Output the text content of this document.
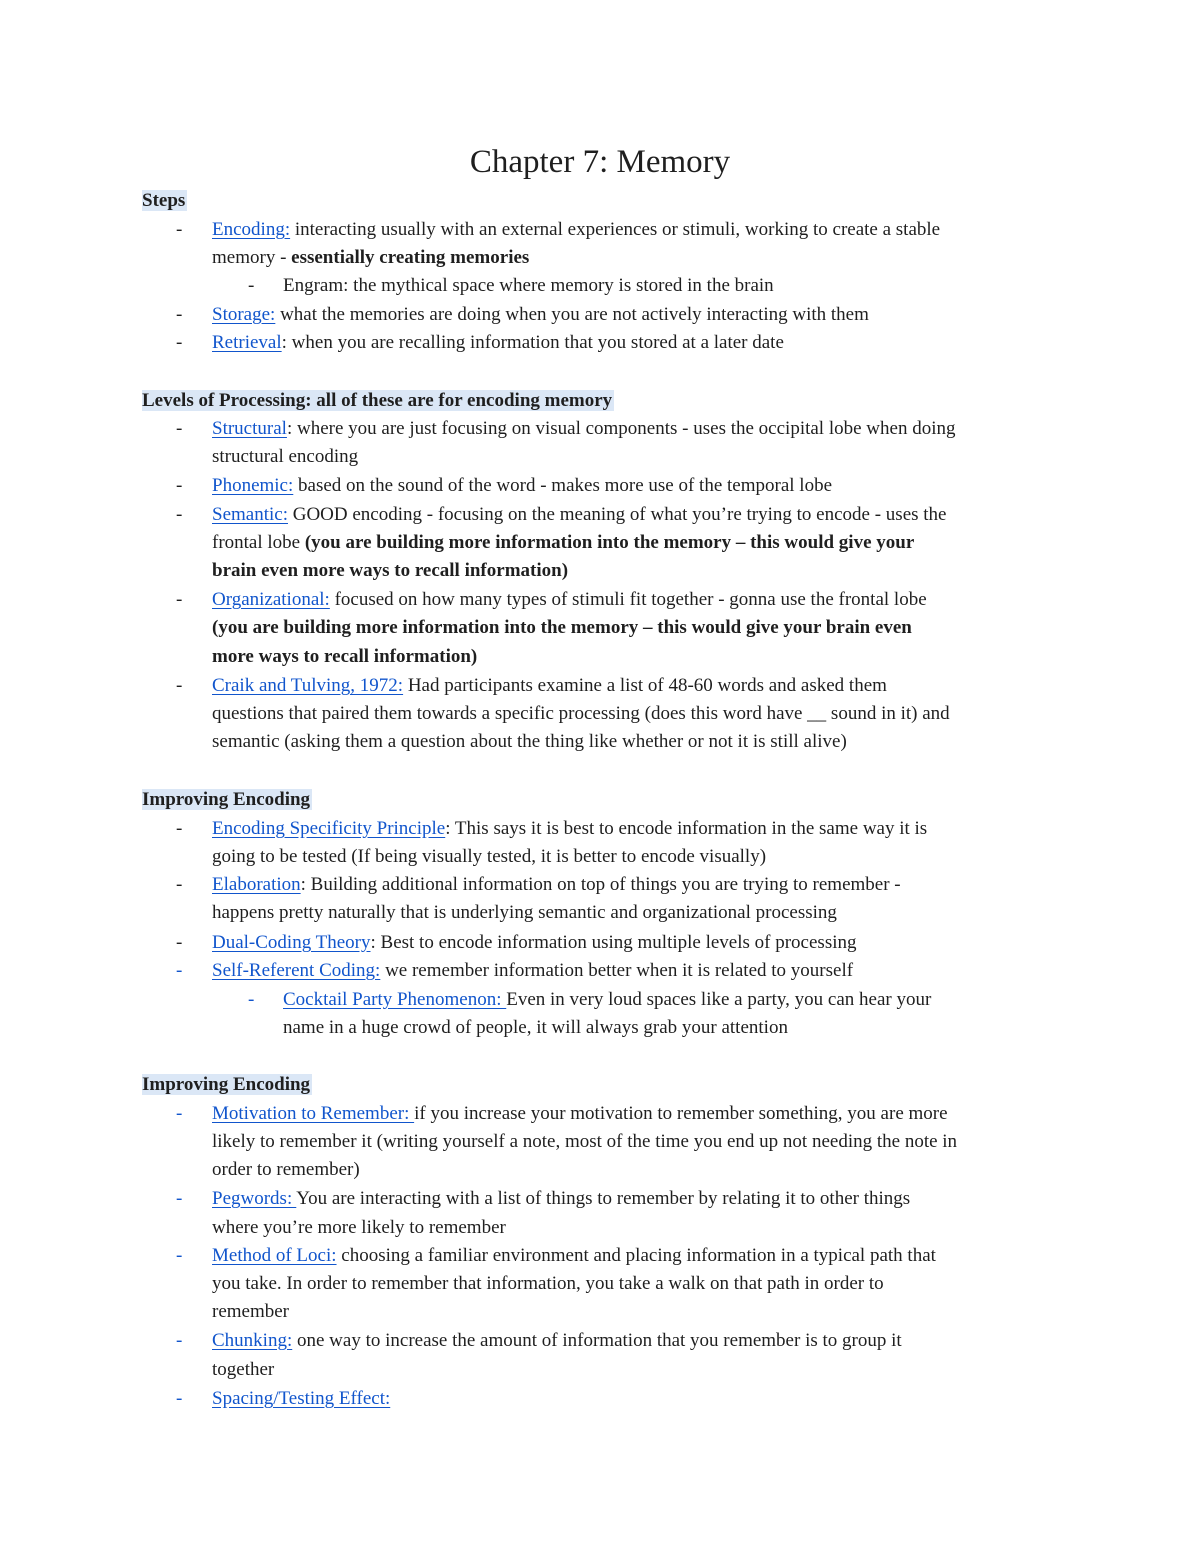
Chapter 7: Memory
Steps
- Encoding: interacting usually with an external experiences or stimuli, working to create a stable
memory - essentially creating memories
- Engram: the mythical space where memory is stored in the brain
- Storage: what the memories are doing when you are not actively interacting with them
- Retrieval: when you are recalling information that you stored at a later date
Levels of Processing: all of these are for encoding memory
- Structural: where you are just focusing on visual components - uses the occipital lobe when doing
structural encoding
- Phonemic: based on the sound of the word - makes more use of the temporal lobe
- Semantic: GOOD encoding - focusing on the meaning of what you’re trying to encode - uses the
frontal lobe (you are building more information into the memory – this would give your
brain even more ways to recall information)
- Organizational: focused on how many types of stimuli fit together - gonna use the frontal lobe
(you are building more information into the memory – this would give your brain even
more ways to recall information)
- Craik and Tulving, 1972: Had participants examine a list of 48-60 words and asked them
questions that paired them towards a specific processing (does this word have __ sound in it) and
semantic (asking them a question about the thing like whether or not it is still alive)
Improving Encoding
- Encoding Specificity Principle: This says it is best to encode information in the same way it is
going to be tested (If being visually tested, it is better to encode visually)
- Elaboration: Building additional information on top of things you are trying to remember -
happens pretty naturally that is underlying semantic and organizational processing
- Dual-Coding Theory: Best to encode information using multiple levels of processing
- Self-Referent Coding: we remember information better when it is related to yourself
- Cocktail Party Phenomenon: Even in very loud spaces like a party, you can hear your
name in a huge crowd of people, it will always grab your attention
Improving Encoding
- Motivation to Remember: if you increase your motivation to remember something, you are more
likely to remember it (writing yourself a note, most of the time you end up not needing the note in
order to remember)
- Pegwords: You are interacting with a list of things to remember by relating it to other things
where you’re more likely to remember
- Method of Loci: choosing a familiar environment and placing information in a typical path that
you take. In order to remember that information, you take a walk on that path in order to
remember
- Chunking: one way to increase the amount of information that you remember is to group it
together
- Spacing/Testing Effect:
